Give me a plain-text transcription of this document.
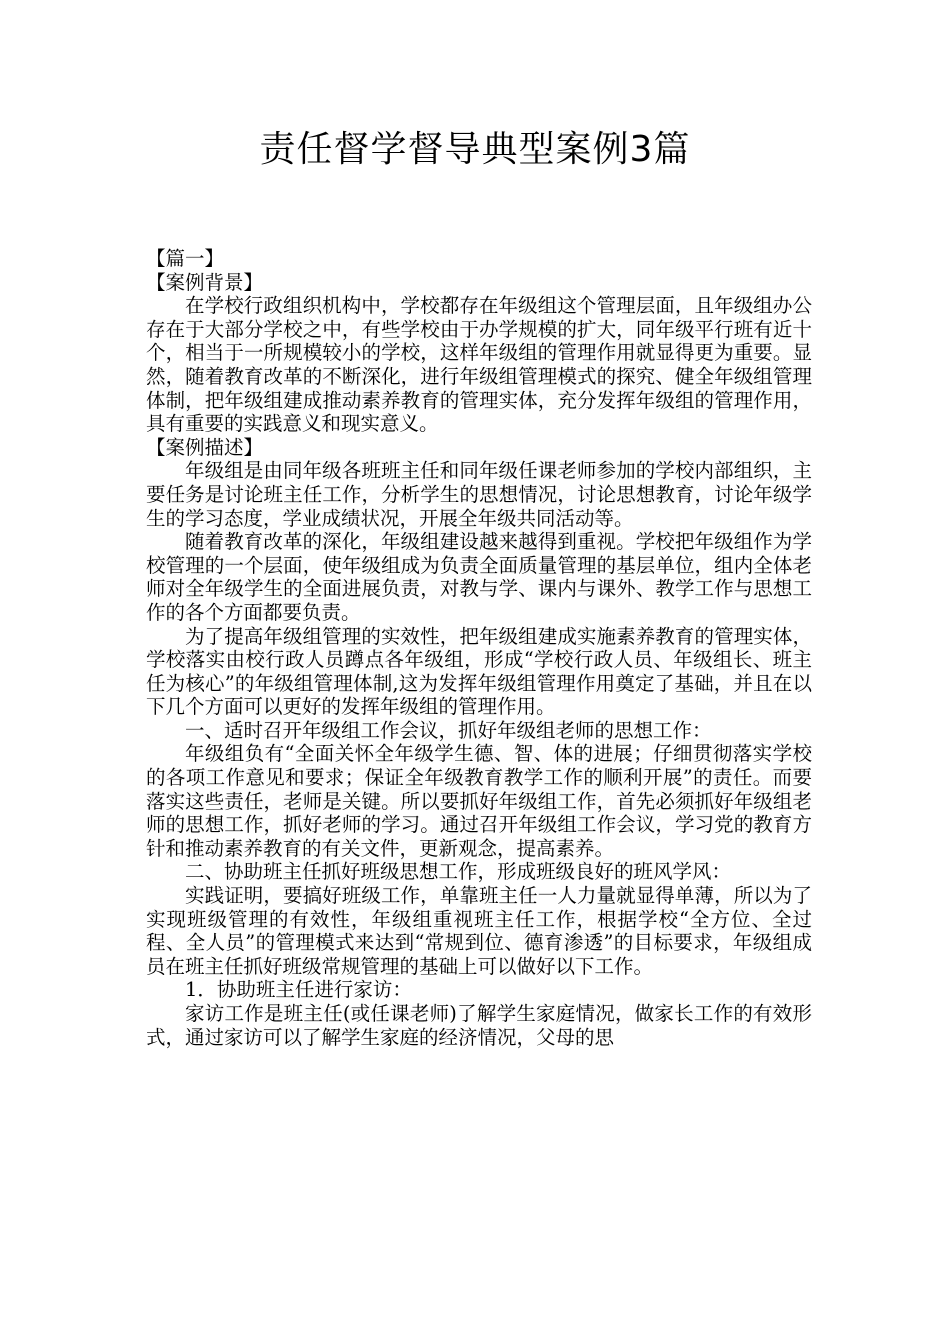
责任督学督导典型案例3篇

【篇一】

【案例背景】

在学校行政组织机构中，学校都存在年级组这个管理层面，且年级组办公存在于大部分学校之中，有些学校由于办学规模的扩大，同年级平行班有近十个，相当于一所规模较小的学校，这样年级组的管理作用就显得更为重要。显然，随着教育改革的不断深化，进行年级组管理模式的探究、健全年级组管理体制，把年级组建成推动素养教育的管理实体，充分发挥年级组的管理作用，具有重要的实践意义和现实意义。

【案例描述】

年级组是由同年级各班班主任和同年级任课老师参加的学校内部组织，主要任务是讨论班主任工作，分析学生的思想情况，讨论思想教育，讨论年级学生的学习态度，学业成绩状况，开展全年级共同活动等。

随着教育改革的深化，年级组建设越来越得到重视。学校把年级组作为学校管理的一个层面，使年级组成为负责全面质量管理的基层单位，组内全体老师对全年级学生的全面进展负责，对教与学、课内与课外、教学工作与思想工作的各个方面都要负责。

为了提高年级组管理的实效性，把年级组建成实施素养教育的管理实体，学校落实由校行政人员蹲点各年级组，形成“学校行政人员、年级组长、班主任为核心”的年级组管理体制,这为发挥年级组管理作用奠定了基础，并且在以下几个方面可以更好的发挥年级组的管理作用。

一、适时召开年级组工作会议，抓好年级组老师的思想工作：

年级组负有“全面关怀全年级学生德、智、体的进展；仔细贯彻落实学校的各项工作意见和要求；保证全年级教育教学工作的顺利开展”的责任。而要落实这些责任，老师是关键。所以要抓好年级组工作，首先必须抓好年级组老师的思想工作，抓好老师的学习。通过召开年级组工作会议，学习党的教育方针和推动素养教育的有关文件，更新观念，提高素养。

二、协助班主任抓好班级思想工作，形成班级良好的班风学风：

实践证明，要搞好班级工作，单靠班主任一人力量就显得单薄，所以为了实现班级管理的有效性，年级组重视班主任工作，根据学校“全方位、全过程、全人员”的管理模式来达到“常规到位、德育渗透”的目标要求，年级组成员在班主任抓好班级常规管理的基础上可以做好以下工作。

1．协助班主任进行家访：

家访工作是班主任(或任课老师)了解学生家庭情况，做家长工作的有效形式，通过家访可以了解学生家庭的经济情况，父母的思
